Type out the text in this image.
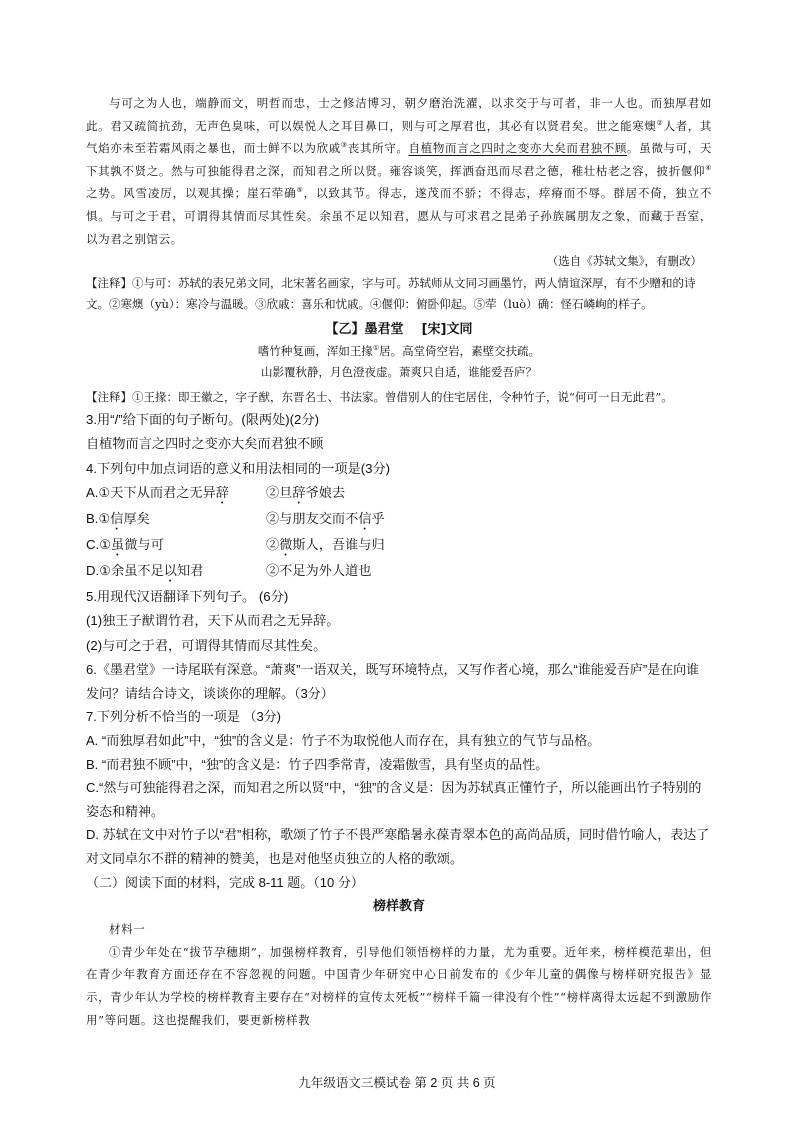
与可之为人也，端静而文，明哲而忠，士之修洁博习，朝夕磨治洗濯，以求交于与可者，非一人也。而独厚君如此。君又疏简抗劲，无声色臭味，可以娱悦人之耳目鼻口，则与可之厚君也，其必有以贤君矣。世之能寒燠②人者，其气焰亦未至若霜风雨之暴也，而士鲜不以为欣戚③丧其所守。自植物而言之四时之变亦大矣而君独不顾。虽微与可，天下其孰不贤之。然与可独能得君之深，而知君之所以贤。雍容谈笑，挥洒奋迅而尽君之德，稚壮枯老之容，披折偃仰④之势。风雪凌厉，以观其操；崖石荦确⑤，以致其节。得志，遂茂而不骄；不得志，瘁瘠而不辱。群居不倚，独立不惧。与可之于君，可谓得其情而尽其性矣。余虽不足以知君，愿从与可求君之昆弟子孙族属朋友之象，而藏于吾室，以为君之别馆云。

（选自《苏轼文集》，有删改）

【注释】①与可：苏轼的表兄弟文同，北宋著名画家，字与可。苏轼师从文同习画墨竹，两人情谊深厚，有不少赠和的诗文。②寒燠（yù）：寒冷与温暖。③欣戚：喜乐和忧戚。④偃仰：俯卧仰起。⑤荦（luò）确：怪石嶙峋的样子。

【乙】墨君堂 [宋]文同

嗜竹种复画，浑如王掾①居。高堂倚空岩，素壁交扶疏。

山影覆秋静，月色澄夜虚。萧爽只自适，谁能爱吾庐？

【注释】①王掾：即王徽之，字子猷，东晋名士、书法家。曾借别人的住宅居住，令种竹子，说“何可一日无此君”。

3.用“/”给下面的句子断句。(限两处)(2分)

自植物而言之四时之变亦大矣而君独不顾

4.下列句中加点词语的意义和用法相同的一项是(3分)

A.①天下从而君之无异辞	②旦辞爷娘去
B.①信厚矣	②与朋友交而不信乎
C.①虽微与可	②微斯人，吾谁与归
D.①余虽不足以知君	②不足为外人道也

5.用现代汉语翻译下列句子。 (6分)

(1)独王子猷谓竹君，天下从而君之无异辞。

(2)与可之于君，可谓得其情而尽其性矣。

6.《墨君堂》一诗尾联有深意。“萧爽”一语双关，既写环境特点，又写作者心境，那么“谁能爱吾庐”是在向谁发问？请结合诗文，谈谈你的理解。（3分）

7.下列分析不恰当的一项是 （3分)

A. “而独厚君如此”中，“独”的含义是：竹子不为取悦他人而存在，具有独立的气节与品格。

B. “而君独不顾”中，“独”的含义是：竹子四季常青，凌霜傲雪，具有坚贞的品性。

C.“然与可独能得君之深，而知君之所以贤”中，“独”的含义是：因为苏轼真正懂竹子，所以能画出竹子特别的姿态和精神。

D. 苏轼在文中对竹子以“君”相称，歌颂了竹子不畏严寒酷暑永葆青翠本色的高尚品质，同时借竹喻人，表达了对文同卓尔不群的精神的赞美，也是对他坚贞独立的人格的歌颂。

（二）阅读下面的材料，完成 8-11 题。（10 分）

榜样教育

材料一

①青少年处在“拔节孕穗期”，加强榜样教育，引导他们领悟榜样的力量，尤为重要。近年来，榜样模范辈出，但在青少年教育方面还存在不容忽视的问题。中国青少年研究中心日前发布的《少年儿童的偶像与榜样研究报告》显示，青少年认为学校的榜样教育主要存在“对榜样的宣传太死板”“榜样千篇一律没有个性”“榜样离得太远起不到激励作用”等问题。这也提醒我们，要更新榜样教

九年级语文三模试卷 第 2 页 共 6 页
